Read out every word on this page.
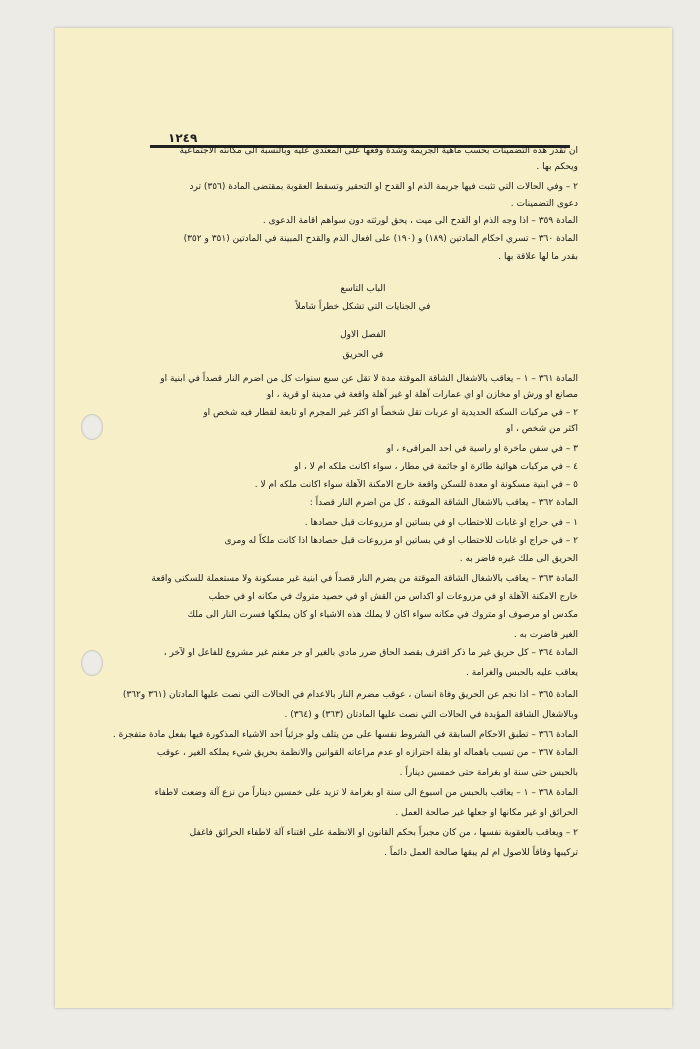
١٢٤٩
ان تقدر هذه التضمينات بحسب ماهية الجريمة وشدة وقعها على المعتدى عليه وبالنسبة الى مكانته الاجتماعية
ويحكم بها .
٢ – وفي الحالات التي تثبت فيها جريمة الذم او القدح او التحقير وتسقط العقوبة بمقتضى المادة (٣٥٦) ترد
دعوى التضمينات .
المادة ٣٥٩ – اذا وجه الذم او القدح الى ميت ، يحق لورثته دون سواهم اقامة الدعوى .
المادة ٣٦٠ – تسري احكام المادتين (١٨٩) و (١٩٠) على افعال الذم والقدح المبينة في المادتين (٣٥١ و ٣٥٢)
بقدر ما لها علاقة بها .
الباب التاسع
في الجنايات التي تشكل خطراً شاملاً
الفصل الاول
في الحريق
المادة ٣٦١ – ١ – يعاقب بالاشغال الشاقة الموقتة مدة لا تقل عن سبع سنوات كل من اضرم النار قصداً في ابنية او
مصانع او ورش او مخازن او اي عمارات آهلة او غير آهلة واقعة في مدينة او قرية ، او
٢ – في مركبات السكة الحديدية او عربات تقل شخصاً او اكثر غير المجرم او تابعة لقطار فيه شخص او
اكثر من شخص ، او
٣ – في سفن ماخرة او راسية في احد المرافىء ، او
٤ – في مركبات هوائية طائرة او جاثمة في مطار ، سواء اكانت ملكه ام لا ، او
٥ – في ابنية مسكونة او معدة للسكن واقعة خارج الامكنة الآهلة سواء اكانت ملكه ام لا .
المادة ٣٦٢ – يعاقب بالاشغال الشاقة الموقتة ، كل من اضرم النار قصداً :
١ – في حراج او غابات للاحتطاب او في بساتين او مزروعات قبل حصادها .
٢ – في حراج او غابات للاحتطاب او في بساتين او مزروعات قبل حصادها اذا كانت ملكاً له ومرى
الحريق الى ملك غيره فاضر به .
المادة ٣٦٣ – يعاقب بالاشغال الشاقة الموقتة من يضرم النار قصداً في ابنية غير مسكونة ولا مستعملة للسكنى واقعة
خارج الامكنة الآهلة او في مزروعات او اكداس من القش او في حصيد متروك في مكانه او في حطب
مكدس او مرصوف او متروك في مكانه سواء اكان لا يملك هذه الاشياء او كان يملكها فسرت النار الى ملك
الغير فاضرت به .
المادة ٣٦٤ – كل حريق غير ما ذكر اقترف بقصد الحاق ضرر مادي بالغير او جر مغنم غير مشروع للفاعل او لآخر ،
يعاقب عليه بالحبس والغرامة .
المادة ٣٦٥ – اذا نجم عن الحريق وفاة انسان ، عوقب مضرم النار بالاعدام في الحالات التي نصت عليها المادتان (٣٦١ و٣٦٢)
وبالاشغال الشاقة المؤبدة في الحالات التي نصت عليها المادتان (٣٦٣) و (٣٦٤) .
المادة ٣٦٦ – تطبق الاحكام السابقة في الشروط نفسها على من يتلف ولو جزئياً احد الاشياء المذكورة فيها بفعل مادة متفجرة .
المادة ٣٦٧ – من تسبب باهماله او بقلة احترازه او عدم مراعاته القوانين والانظمة بحريق شيء يملكه الغير ، عوقب
بالحبس حتى سنة او بغرامة حتى خمسين ديناراً .
المادة ٣٦٨ – ١ – يعاقب بالحبس من اسبوع الى سنة او بغرامة لا تزيد على خمسين ديناراً من نزع آلة وضعت لاطفاء
الحرائق او غير مكانها او جعلها غير صالحة العمل .
٢ – ويعاقب بالعقوبة نفسها ، من كان مجبراً بحكم القانون او الانظمة على اقتناء آلة لاطفاء الحرائق فاغفل
تركيبها وفاقاً للاصول ام لم يبقها صالحة العمل دائماً .
